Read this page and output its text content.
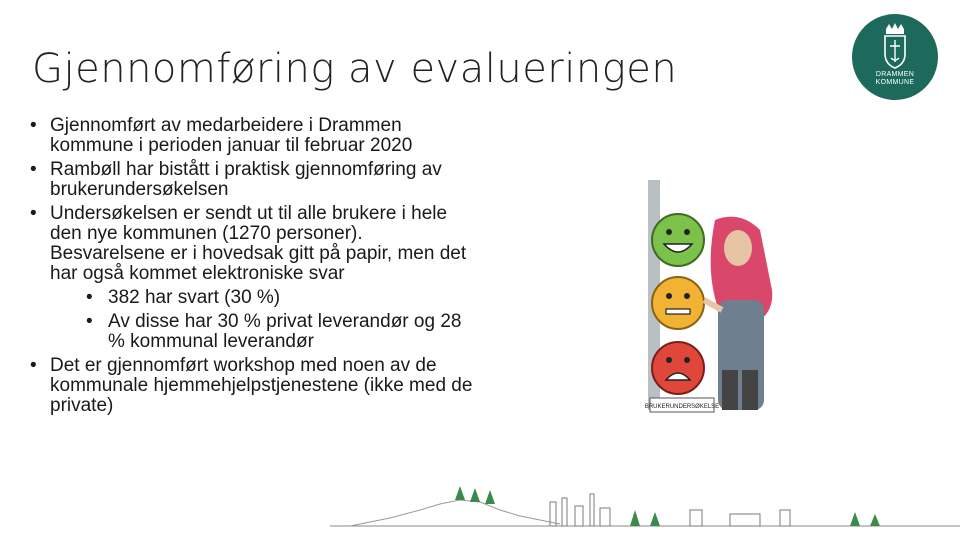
Gjennomføring av evalueringen	DRAMMEN
KOMMUNE
• Gjennomført av medarbeidere i Drammen kommune i perioden januar til februar 2020
• Rambøll har bistått i praktisk gjennomføring av brukerundersøkelsen
• Undersøkelsen er sendt ut til alle brukere i hele den nye kommunen (1270 personer). Besvarelsene er i hovedsak gitt på papir, men det har også kommet elektroniske svar
• 382 har svart (30 %)
• Av disse har 30 % privat leverandør og 28 % kommunal leverandør
• Det er gjennomført workshop med noen av de kommunale hjemmehjelpstjenestene (ikke med de private)	BRUKERUNDERSØKELSE
